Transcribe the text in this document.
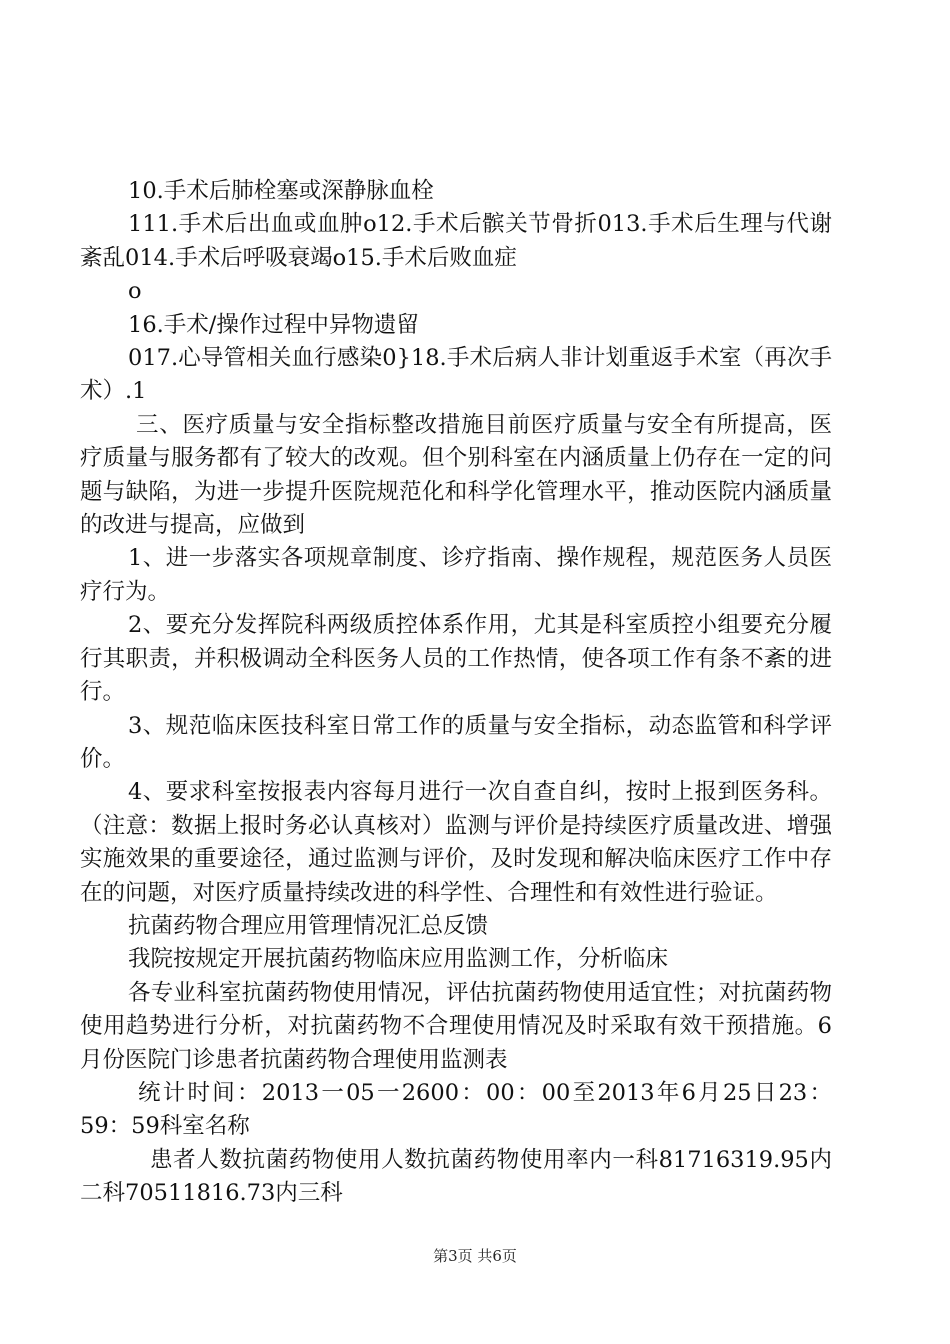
10.手术后肺栓塞或深静脉血栓

111.手术后出血或血肿o12.手术后髌关节骨折013.手术后生理与代谢紊乱014.手术后呼吸衰竭o15.手术后败血症

o

16.手术/操作过程中异物遗留

017.心导管相关血行感染0}18.手术后病人非计划重返手术室（再次手术）.1

三、医疗质量与安全指标整改措施目前医疗质量与安全有所提高，医疗质量与服务都有了较大的改观。但个别科室在内涵质量上仍存在一定的问题与缺陷，为进一步提升医院规范化和科学化管理水平，推动医院内涵质量的改进与提高，应做到

1、进一步落实各项规章制度、诊疗指南、操作规程，规范医务人员医疗行为。

2、要充分发挥院科两级质控体系作用，尤其是科室质控小组要充分履行其职责，并积极调动全科医务人员的工作热情，使各项工作有条不紊的进行。

3、规范临床医技科室日常工作的质量与安全指标，动态监管和科学评价。

4、要求科室按报表内容每月进行一次自查自纠，按时上报到医务科。（注意：数据上报时务必认真核对）监测与评价是持续医疗质量改进、增强实施效果的重要途径，通过监测与评价，及时发现和解决临床医疗工作中存在的问题，对医疗质量持续改进的科学性、合理性和有效性进行验证。

抗菌药物合理应用管理情况汇总反馈

我院按规定开展抗菌药物临床应用监测工作，分析临床

各专业科室抗菌药物使用情况，评估抗菌药物使用适宜性；对抗菌药物使用趋势进行分析，对抗菌药物不合理使用情况及时采取有效干预措施。6月份医院门诊患者抗菌药物合理使用监测表

统计时间：2013一05一2600：00：00至2013年6月25日23：59：59科室名称

患者人数抗菌药物使用人数抗菌药物使用率内一科81716319.95内二科70511816.73内三科

第3页 共6页
